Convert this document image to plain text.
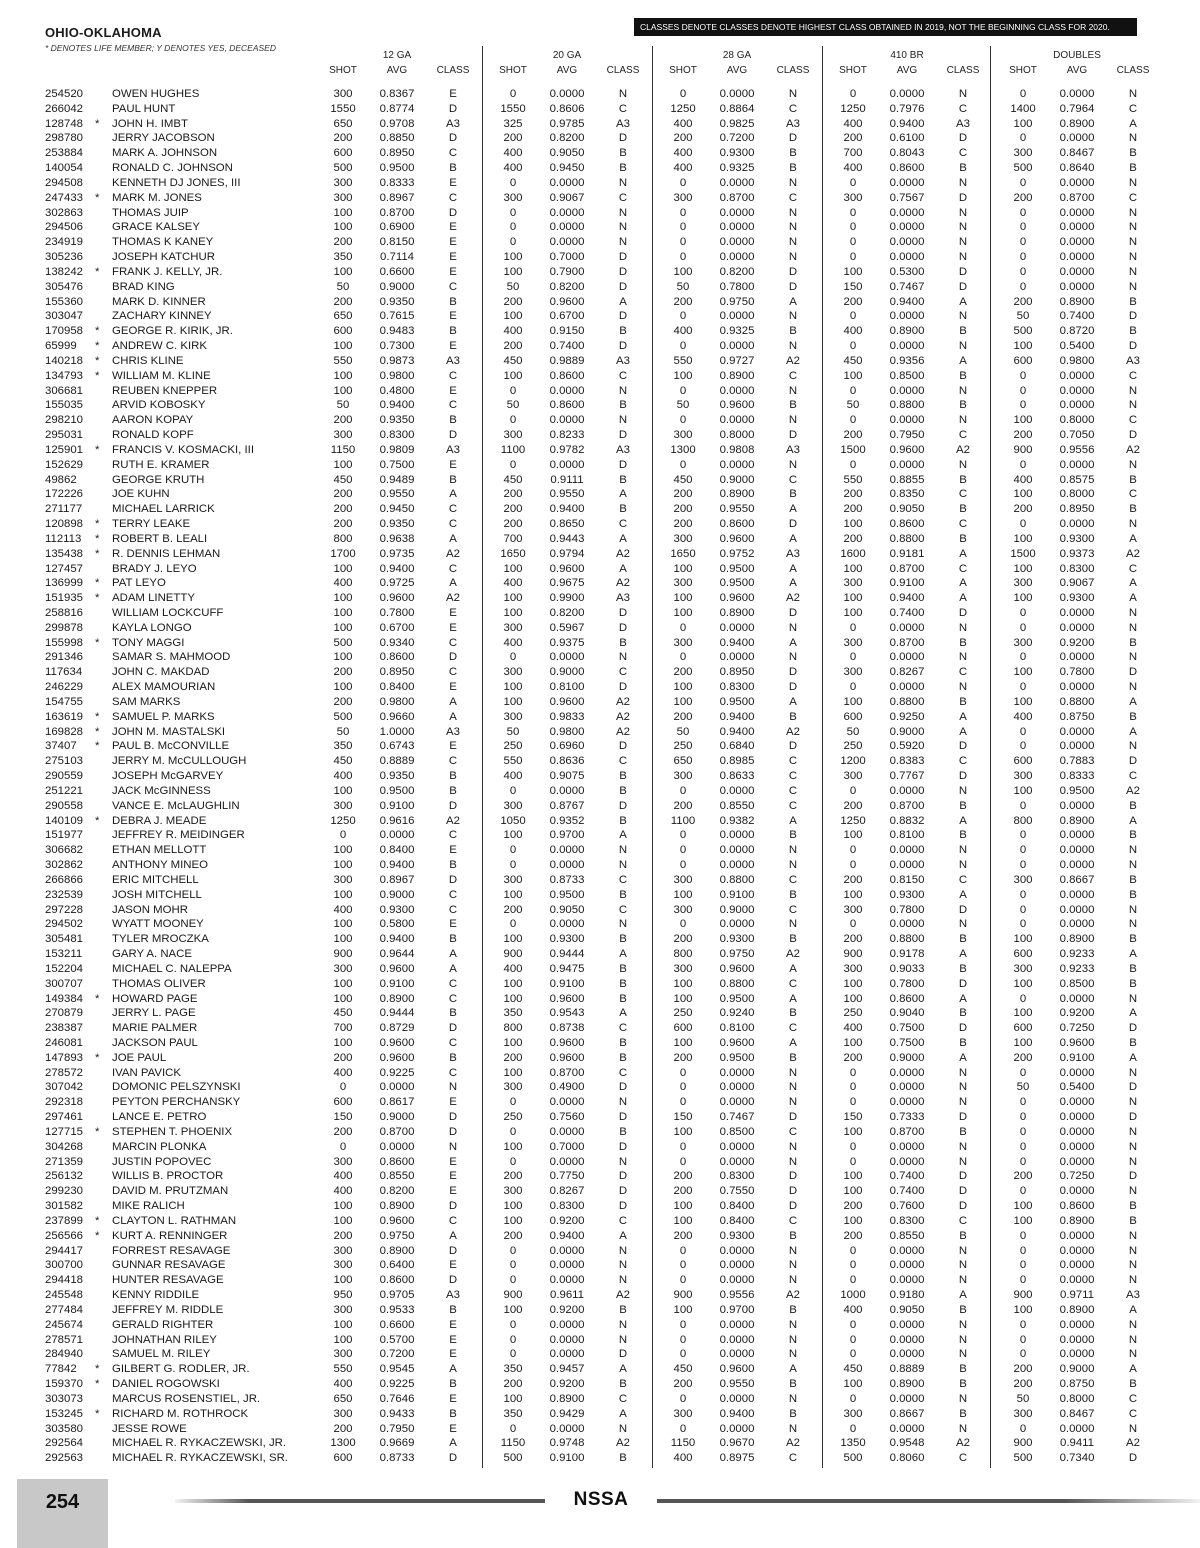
OHIO-OKLAHOMA
* DENOTES LIFE MEMBER; Y DENOTES YES, DECEASED
CLASSES DENOTE CLASSES DENOTE HIGHEST CLASS OBTAINED IN 2019, NOT THE BEGINNING CLASS FOR 2020.
12 GA
SHOT	AVG	CLASS
20 GA
SHOT	AVG	CLASS
28 GA
SHOT	AVG	CLASS
410 BR
SHOT	AVG	CLASS
DOUBLES
SHOT	AVG	CLASS
254520	OWEN HUGHES	300	0.8367	E	0	0.0000	N	0	0.0000	N	0	0.0000	N	0	0.0000	N
266042	PAUL HUNT	1550	0.8774	D	1550	0.8606	C	1250	0.8864	C	1250	0.7976	C	1400	0.7964	C
128748 * JOHN H. IMBT	650	0.9708	A3	325	0.9785	A3	400	0.9825	A3	400	0.9400	A3	100	0.8900	A
298780	JERRY JACOBSON	200	0.8850	D	200	0.8200	D	200	0.7200	D	200	0.6100	D	0	0.0000	N
253884	MARK A. JOHNSON	600	0.8950	C	400	0.9050	B	400	0.9300	B	700	0.8043	C	300	0.8467	B
140054	RONALD C. JOHNSON	500	0.9500	B	400	0.9450	B	400	0.9325	B	400	0.8600	B	500	0.8640	B
294508	KENNETH DJ JONES, III	300	0.8333	E	0	0.0000	N	0	0.0000	N	0	0.0000	N	0	0.0000	N
247433 * MARK M. JONES	300	0.8967	C	300	0.9067	C	300	0.8700	C	300	0.7567	D	200	0.8700	C
302863	THOMAS JUIP	100	0.8700	D	0	0.0000	N	0	0.0000	N	0	0.0000	N	0	0.0000	N
294506	GRACE KALSEY	100	0.6900	E	0	0.0000	N	0	0.0000	N	0	0.0000	N	0	0.0000	N
234919	THOMAS K KANEY	200	0.8150	E	0	0.0000	N	0	0.0000	N	0	0.0000	N	0	0.0000	N
305236	JOSEPH KATCHUR	350	0.7114	E	100	0.7000	D	0	0.0000	N	0	0.0000	N	0	0.0000	N
138242 * FRANK J. KELLY, JR.	100	0.6600	E	100	0.7900	D	100	0.8200	D	100	0.5300	D	0	0.0000	N
305476	BRAD KING	50	0.9000	C	50	0.8200	D	50	0.7800	D	150	0.7467	D	0	0.0000	N
155360	MARK D. KINNER	200	0.9350	B	200	0.9600	A	200	0.9750	A	200	0.9400	A	200	0.8900	B
303047	ZACHARY KINNEY	650	0.7615	E	100	0.6700	D	0	0.0000	N	0	0.0000	N	50	0.7400	D
170958 * GEORGE R. KIRIK, JR.	600	0.9483	B	400	0.9150	B	400	0.9325	B	400	0.8900	B	500	0.8720	B
65999 * ANDREW C. KIRK	100	0.7300	E	200	0.7400	D	0	0.0000	N	0	0.0000	N	100	0.5400	D
140218 * CHRIS KLINE	550	0.9873	A3	450	0.9889	A3	550	0.9727	A2	450	0.9356	A	600	0.9800	A3
134793 * WILLIAM M. KLINE	100	0.9800	C	100	0.8600	C	100	0.8900	C	100	0.8500	B	0	0.0000	C
306681	REUBEN KNEPPER	100	0.4800	E	0	0.0000	N	0	0.0000	N	0	0.0000	N	0	0.0000	N
155035	ARVID KOBOSKY	50	0.9400	C	50	0.8600	B	50	0.9600	B	50	0.8800	B	0	0.0000	N
298210	AARON KOPAY	200	0.9350	B	0	0.0000	N	0	0.0000	N	0	0.0000	N	100	0.8000	C
295031	RONALD KOPF	300	0.8300	D	300	0.8233	D	300	0.8000	D	200	0.7950	C	200	0.7050	D
125901 * FRANCIS V. KOSMACKI, III	1150	0.9809	A3	1100	0.9782	A3	1300	0.9808	A3	1500	0.9600	A2	900	0.9556	A2
152629	RUTH E. KRAMER	100	0.7500	E	0	0.0000	D	0	0.0000	N	0	0.0000	N	0	0.0000	N
49862	GEORGE KRUTH	450	0.9489	B	450	0.9111	B	450	0.9000	C	550	0.8855	B	400	0.8575	B
172226	JOE KUHN	200	0.9550	A	200	0.9550	A	200	0.8900	B	200	0.8350	C	100	0.8000	C
271177	MICHAEL LARRICK	200	0.9450	C	200	0.9400	B	200	0.9550	A	200	0.9050	B	200	0.8950	B
120898 * TERRY LEAKE	200	0.9350	C	200	0.8650	C	200	0.8600	D	100	0.8600	C	0	0.0000	N
112113 * ROBERT B. LEALI	800	0.9638	A	700	0.9443	A	300	0.9600	A	200	0.8800	B	100	0.9300	A
135438 * R. DENNIS LEHMAN	1700	0.9735	A2	1650	0.9794	A2	1650	0.9752	A3	1600	0.9181	A	1500	0.9373	A2
127457	BRADY J. LEYO	100	0.9400	C	100	0.9600	A	100	0.9500	A	100	0.8700	C	100	0.8300	C
136999 * PAT LEYO	400	0.9725	A	400	0.9675	A2	300	0.9500	A	300	0.9100	A	300	0.9067	A
151935 * ADAM LINETTY	100	0.9600	A2	100	0.9900	A3	100	0.9600	A2	100	0.9400	A	100	0.9300	A
258816	WILLIAM LOCKCUFF	100	0.7800	E	100	0.8200	D	100	0.8900	D	100	0.7400	D	0	0.0000	N
299878	KAYLA LONGO	100	0.6700	E	300	0.5967	D	0	0.0000	N	0	0.0000	N	0	0.0000	N
155998 * TONY MAGGI	500	0.9340	C	400	0.9375	B	300	0.9400	A	300	0.8700	B	300	0.9200	B
291346	SAMAR S. MAHMOOD	100	0.8600	D	0	0.0000	N	0	0.0000	N	0	0.0000	N	0	0.0000	N
117634	JOHN C. MAKDAD	200	0.8950	C	300	0.9000	C	200	0.8950	D	300	0.8267	C	100	0.7800	D
246229	ALEX MAMOURIAN	100	0.8400	E	100	0.8100	D	100	0.8300	D	0	0.0000	N	0	0.0000	N
154755	SAM MARKS	200	0.9800	A	100	0.9600	A2	100	0.9500	A	100	0.8800	B	100	0.8800	A
163619 * SAMUEL P. MARKS	500	0.9660	A	300	0.9833	A2	200	0.9400	B	600	0.9250	A	400	0.8750	B
169828 * JOHN M. MASTALSKI	50	1.0000	A3	50	0.9800	A2	50	0.9400	A2	50	0.9000	A	0	0.0000	A
37407 * PAUL B. McCONVILLE	350	0.6743	E	250	0.6960	D	250	0.6840	D	250	0.5920	D	0	0.0000	N
275103	JERRY M. McCULLOUGH	450	0.8889	C	550	0.8636	C	650	0.8985	C	1200	0.8383	C	600	0.7883	D
290559	JOSEPH McGARVEY	400	0.9350	B	400	0.9075	B	300	0.8633	C	300	0.7767	D	300	0.8333	C
251221	JACK McGINNESS	100	0.9500	B	0	0.0000	B	0	0.0000	C	0	0.0000	N	100	0.9500	A2
290558	VANCE E. McLAUGHLIN	300	0.9100	D	300	0.8767	D	200	0.8550	C	200	0.8700	B	0	0.0000	B
140109 * DEBRA J. MEADE	1250	0.9616	A2	1050	0.9352	B	1100	0.9382	A	1250	0.8832	A	800	0.8900	A
151977	JEFFREY R. MEIDINGER	0	0.0000	C	100	0.9700	A	0	0.0000	B	100	0.8100	B	0	0.0000	B
306682	ETHAN MELLOTT	100	0.8400	E	0	0.0000	N	0	0.0000	N	0	0.0000	N	0	0.0000	N
302862	ANTHONY MINEO	100	0.9400	B	0	0.0000	N	0	0.0000	N	0	0.0000	N	0	0.0000	N
266866	ERIC MITCHELL	300	0.8967	D	300	0.8733	C	300	0.8800	C	200	0.8150	C	300	0.8667	B
232539	JOSH MITCHELL	100	0.9000	C	100	0.9500	B	100	0.9100	B	100	0.9300	A	0	0.0000	B
297228	JASON MOHR	400	0.9300	C	200	0.9050	C	300	0.9000	C	300	0.7800	D	0	0.0000	N
294502	WYATT MOONEY	100	0.5800	E	0	0.0000	N	0	0.0000	N	0	0.0000	N	0	0.0000	N
305481	TYLER MROCZKA	100	0.9400	B	100	0.9300	B	200	0.9300	B	200	0.8800	B	100	0.8900	B
153211	GARY A. NACE	900	0.9644	A	900	0.9444	A	800	0.9750	A2	900	0.9178	A	600	0.9233	A
152204	MICHAEL C. NALEPPA	300	0.9600	A	400	0.9475	B	300	0.9600	A	300	0.9033	B	300	0.9233	B
300707	THOMAS OLIVER	100	0.9100	C	100	0.9100	B	100	0.8800	C	100	0.7800	D	100	0.8500	B
149384 * HOWARD PAGE	100	0.8900	C	100	0.9600	B	100	0.9500	A	100	0.8600	A	0	0.0000	N
270879	JERRY L. PAGE	450	0.9444	B	350	0.9543	A	250	0.9240	B	250	0.9040	B	100	0.9200	A
238387	MARIE PALMER	700	0.8729	D	800	0.8738	C	600	0.8100	C	400	0.7500	D	600	0.7250	D
246081	JACKSON PAUL	100	0.9600	C	100	0.9600	B	100	0.9600	A	100	0.7500	B	100	0.9600	B
147893 * JOE PAUL	200	0.9600	B	200	0.9600	B	200	0.9500	B	200	0.9000	A	200	0.9100	A
278572	IVAN PAVICK	400	0.9225	C	100	0.8700	C	0	0.0000	N	0	0.0000	N	0	0.0000	N
307042	DOMONIC PELSZYNSKI	0	0.0000	N	300	0.4900	D	0	0.0000	N	0	0.0000	N	50	0.5400	D
292318	PEYTON PERCHANSKY	600	0.8617	E	0	0.0000	N	0	0.0000	N	0	0.0000	N	0	0.0000	N
297461	LANCE E. PETRO	150	0.9000	D	250	0.7560	D	150	0.7467	D	150	0.7333	D	0	0.0000	D
127715 * STEPHEN T. PHOENIX	200	0.8700	D	0	0.0000	B	100	0.8500	C	100	0.8700	B	0	0.0000	N
304268	MARCIN PLONKA	0	0.0000	N	100	0.7000	D	0	0.0000	N	0	0.0000	N	0	0.0000	N
271359	JUSTIN POPOVEC	300	0.8600	E	0	0.0000	N	0	0.0000	N	0	0.0000	N	0	0.0000	N
256132	WILLIS B. PROCTOR	400	0.8550	E	200	0.7750	D	200	0.8300	D	100	0.7400	D	200	0.7250	D
299230	DAVID M. PRUTZMAN	400	0.8200	E	300	0.8267	D	200	0.7550	D	100	0.7400	D	0	0.0000	N
301582	MIKE RALICH	100	0.8900	D	100	0.8300	D	100	0.8400	D	200	0.7600	D	100	0.8600	B
237899 * CLAYTON L. RATHMAN	100	0.9600	C	100	0.9200	C	100	0.8400	C	100	0.8300	C	100	0.8900	B
256566 * KURT A. RENNINGER	200	0.9750	A	200	0.9400	A	200	0.9300	B	200	0.8550	B	0	0.0000	N
294417	FORREST RESAVAGE	300	0.8900	D	0	0.0000	N	0	0.0000	N	0	0.0000	N	0	0.0000	N
300700	GUNNAR RESAVAGE	300	0.6400	E	0	0.0000	N	0	0.0000	N	0	0.0000	N	0	0.0000	N
294418	HUNTER RESAVAGE	100	0.8600	D	0	0.0000	N	0	0.0000	N	0	0.0000	N	0	0.0000	N
245548	KENNY RIDDILE	950	0.9705	A3	900	0.9611	A2	900	0.9556	A2	1000	0.9180	A	900	0.9711	A3
277484	JEFFREY M. RIDDLE	300	0.9533	B	100	0.9200	B	100	0.9700	B	400	0.9050	B	100	0.8900	A
245674	GERALD RIGHTER	100	0.6600	E	0	0.0000	N	0	0.0000	N	0	0.0000	N	0	0.0000	N
278571	JOHNATHAN RILEY	100	0.5700	E	0	0.0000	N	0	0.0000	N	0	0.0000	N	0	0.0000	N
284940	SAMUEL M. RILEY	300	0.7200	E	0	0.0000	D	0	0.0000	N	0	0.0000	N	0	0.0000	N
77842 * GILBERT G. RODLER, JR.	550	0.9545	A	350	0.9457	A	450	0.9600	A	450	0.8889	B	200	0.9000	A
159370 * DANIEL ROGOWSKI	400	0.9225	B	200	0.9200	B	200	0.9550	B	100	0.8900	B	200	0.8750	B
303073	MARCUS ROSENSTIEL, JR.	650	0.7646	E	100	0.8900	C	0	0.0000	N	0	0.0000	N	50	0.8000	C
153245 * RICHARD M. ROTHROCK	300	0.9433	B	350	0.9429	A	300	0.9400	B	300	0.8667	B	300	0.8467	C
303580	JESSE ROWE	200	0.7950	E	0	0.0000	N	0	0.0000	N	0	0.0000	N	0	0.0000	N
292564	MICHAEL R. RYKACZEWSKI, JR.	1300	0.9669	A	1150	0.9748	A2	1150	0.9670	A2	1350	0.9548	A2	900	0.9411	A2
292563	MICHAEL R. RYKACZEWSKI, SR.	600	0.8733	D	500	0.9100	B	400	0.8975	C	500	0.8060	C	500	0.7340	D
254	NSSA
